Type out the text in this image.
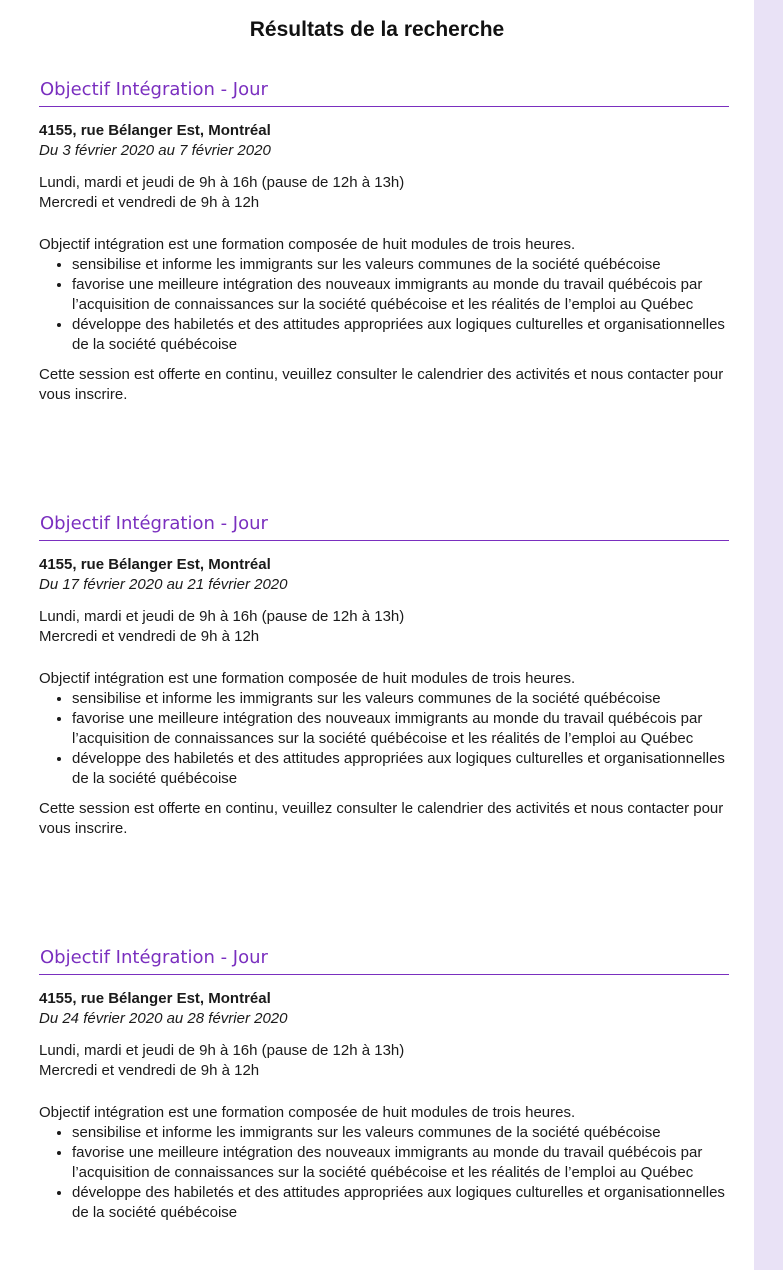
Résultats de la recherche
Objectif Intégration - Jour
4155, rue Bélanger Est, Montréal
Du 3 février 2020 au 7 février 2020
Lundi, mardi et jeudi de 9h à 16h (pause de 12h à 13h)
Mercredi et vendredi de 9h à 12h
Objectif intégration est une formation composée de huit modules de trois heures.
• sensibilise et informe les immigrants sur les valeurs communes de la société québécoise
• favorise une meilleure intégration des nouveaux immigrants au monde du travail québécois par l’acquisition de connaissances sur la société québécoise et les réalités de l’emploi au Québec
• développe des habiletés et des attitudes appropriées aux logiques culturelles et organisationnelles de la société québécoise
Cette session est offerte en continu, veuillez consulter le calendrier des activités et nous contacter pour vous inscrire.
Objectif Intégration - Jour
4155, rue Bélanger Est, Montréal
Du 17 février 2020 au 21 février 2020
Lundi, mardi et jeudi de 9h à 16h (pause de 12h à 13h)
Mercredi et vendredi de 9h à 12h
Objectif intégration est une formation composée de huit modules de trois heures.
• sensibilise et informe les immigrants sur les valeurs communes de la société québécoise
• favorise une meilleure intégration des nouveaux immigrants au monde du travail québécois par l’acquisition de connaissances sur la société québécoise et les réalités de l’emploi au Québec
• développe des habiletés et des attitudes appropriées aux logiques culturelles et organisationnelles de la société québécoise
Cette session est offerte en continu, veuillez consulter le calendrier des activités et nous contacter pour vous inscrire.
Objectif Intégration - Jour
4155, rue Bélanger Est, Montréal
Du 24 février 2020 au 28 février 2020
Lundi, mardi et jeudi de 9h à 16h (pause de 12h à 13h)
Mercredi et vendredi de 9h à 12h
Objectif intégration est une formation composée de huit modules de trois heures.
• sensibilise et informe les immigrants sur les valeurs communes de la société québécoise
• favorise une meilleure intégration des nouveaux immigrants au monde du travail québécois par l’acquisition de connaissances sur la société québécoise et les réalités de l’emploi au Québec
• développe des habiletés et des attitudes appropriées aux logiques culturelles et organisationnelles de la société québécoise
